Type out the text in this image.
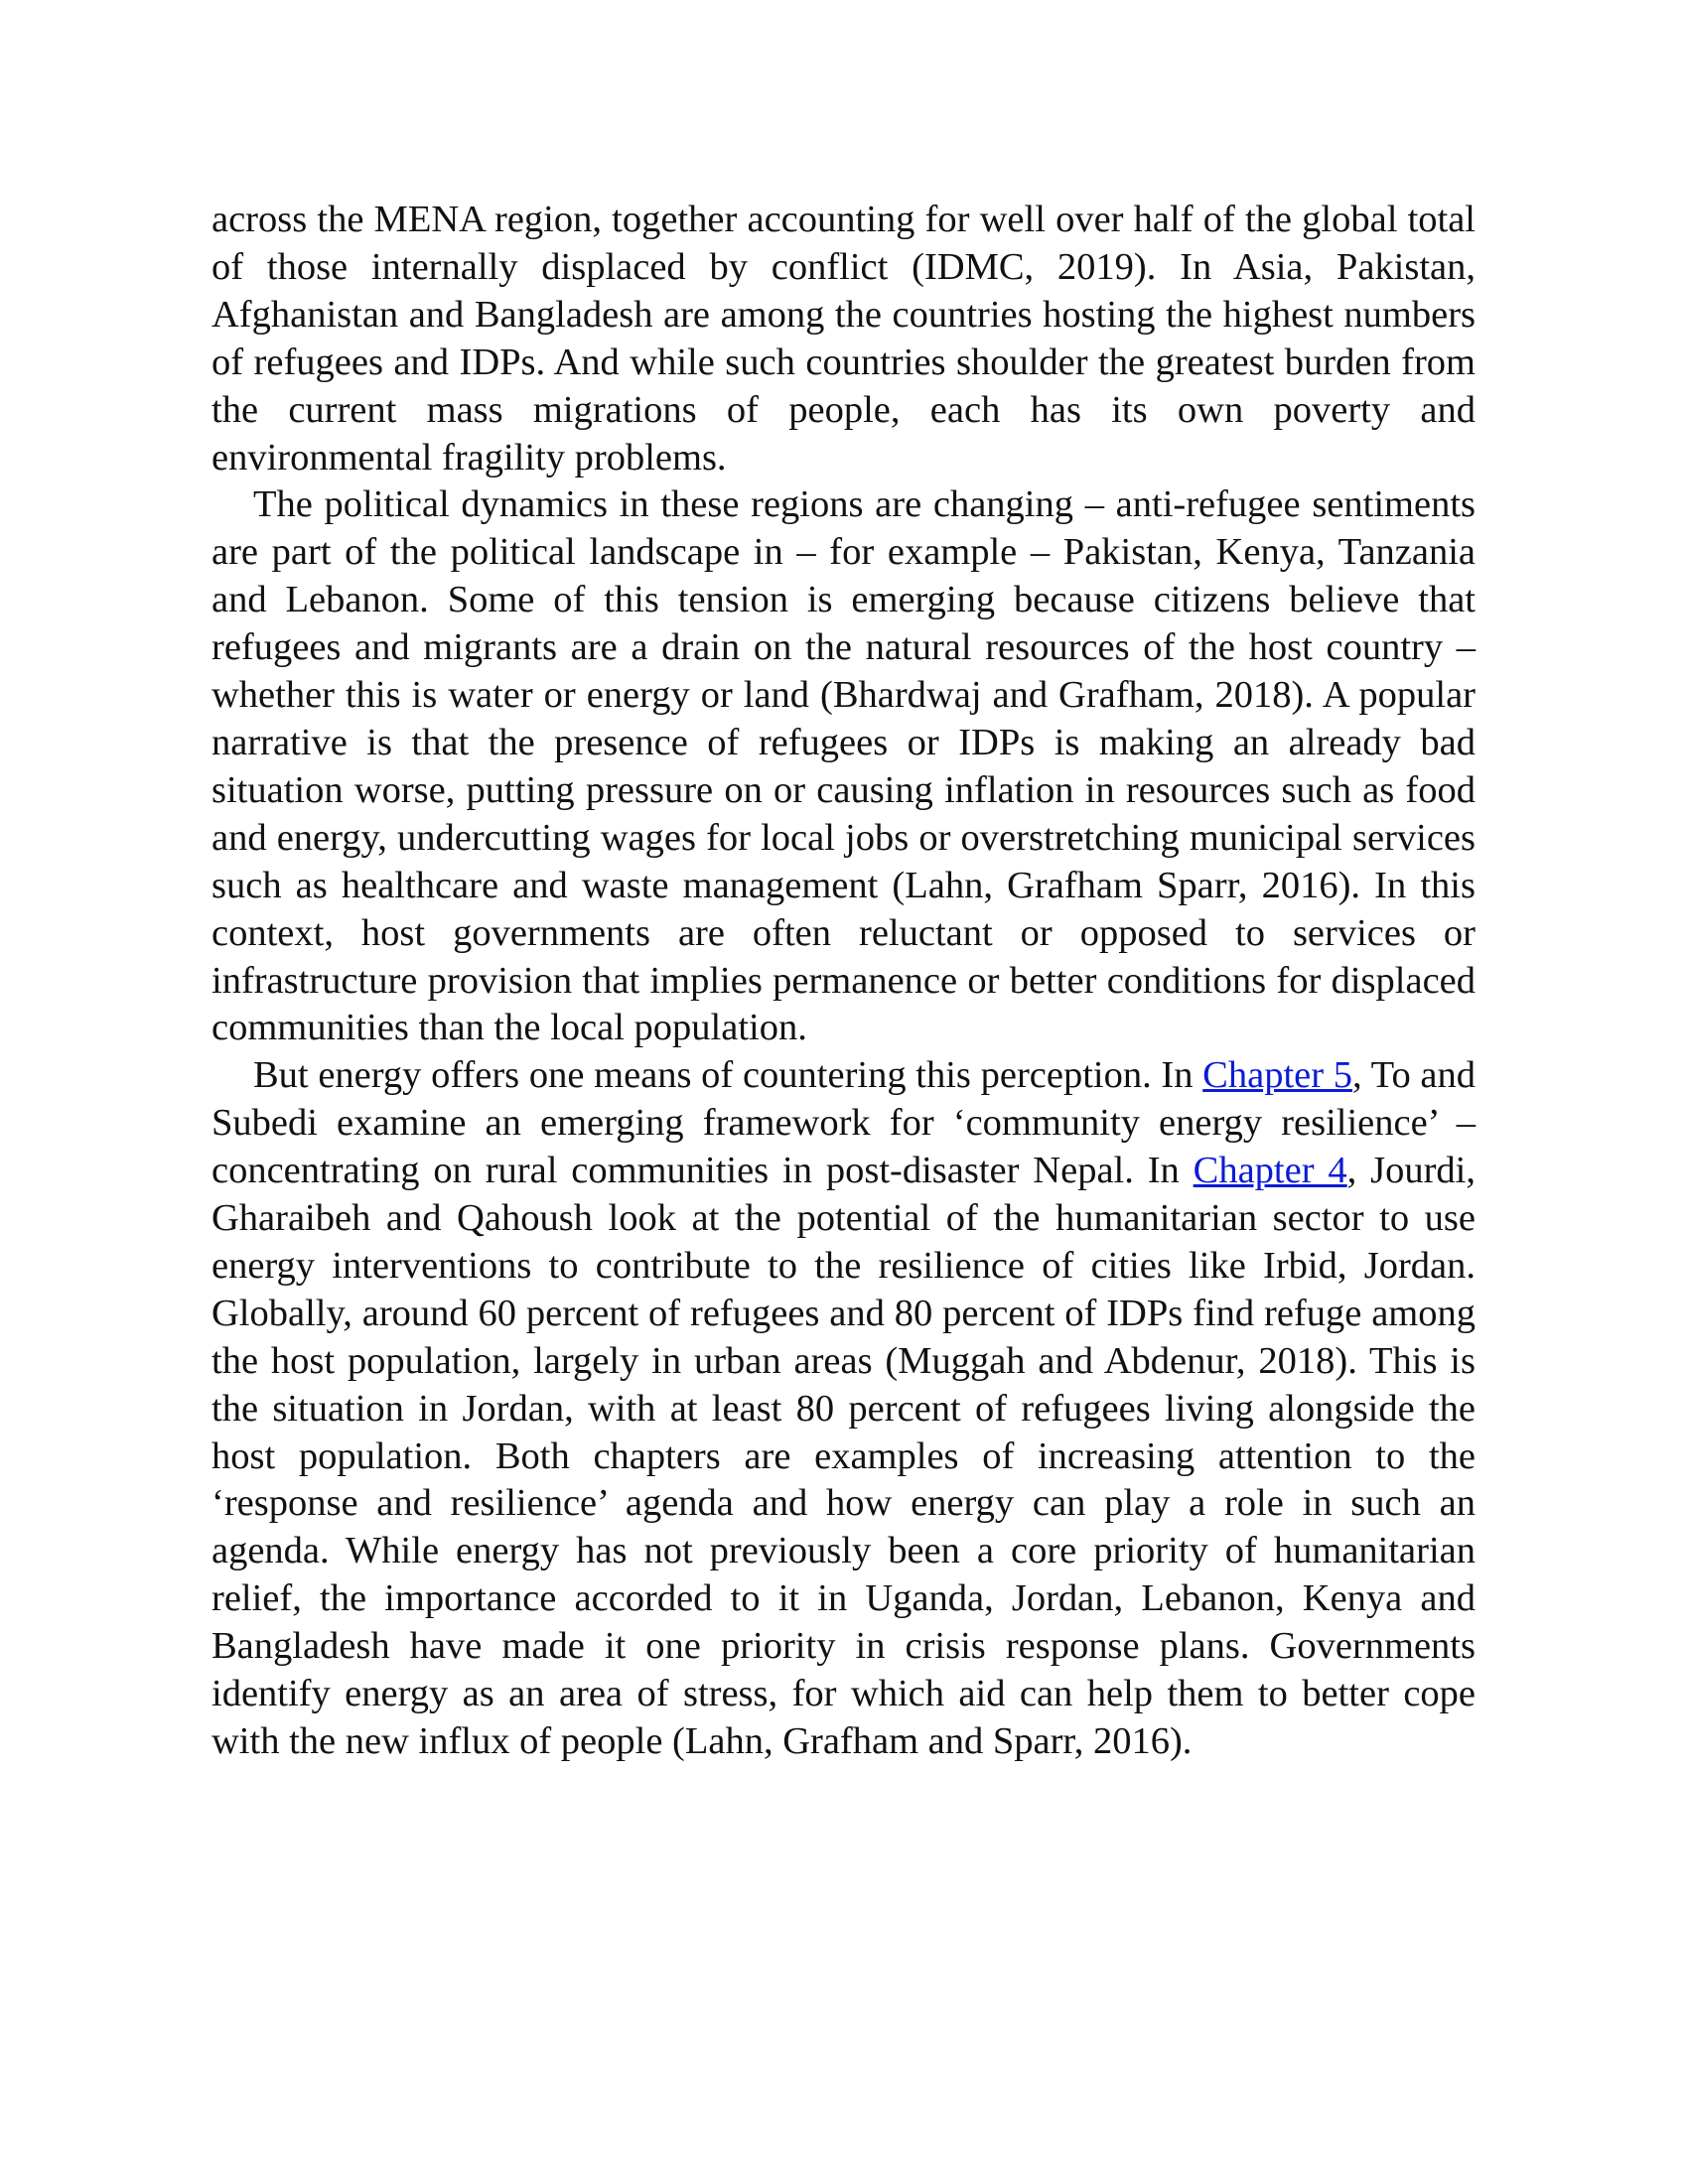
across the MENA region, together accounting for well over half of the global total of those internally displaced by conflict (IDMC, 2019). In Asia, Pakistan, Afghanistan and Bangladesh are among the countries hosting the highest numbers of refugees and IDPs. And while such countries shoulder the greatest burden from the current mass migrations of people, each has its own poverty and environmental fragility problems.

The political dynamics in these regions are changing – anti-refugee sentiments are part of the political landscape in – for example – Pakistan, Kenya, Tanzania and Lebanon. Some of this tension is emerging because citizens believe that refugees and migrants are a drain on the natural resources of the host country – whether this is water or energy or land (Bhardwaj and Grafham, 2018). A popular narrative is that the presence of refugees or IDPs is making an already bad situation worse, putting pressure on or causing inflation in resources such as food and energy, undercutting wages for local jobs or overstretching municipal services such as healthcare and waste management (Lahn, Grafham Sparr, 2016). In this context, host governments are often reluctant or opposed to services or infrastructure provision that implies permanence or better conditions for displaced communities than the local population.

But energy offers one means of countering this perception. In Chapter 5, To and Subedi examine an emerging framework for ‘community energy resilience’ – concentrating on rural communities in post-disaster Nepal. In Chapter 4, Jourdi, Gharaibeh and Qahoush look at the potential of the humanitarian sector to use energy interventions to contribute to the resilience of cities like Irbid, Jordan. Globally, around 60 percent of refugees and 80 percent of IDPs find refuge among the host population, largely in urban areas (Muggah and Abdenur, 2018). This is the situation in Jordan, with at least 80 percent of refugees living alongside the host population. Both chapters are examples of increasing attention to the ‘response and resilience’ agenda and how energy can play a role in such an agenda. While energy has not previously been a core priority of humanitarian relief, the importance accorded to it in Uganda, Jordan, Lebanon, Kenya and Bangladesh have made it one priority in crisis response plans. Governments identify energy as an area of stress, for which aid can help them to better cope with the new influx of people (Lahn, Grafham and Sparr, 2016).
